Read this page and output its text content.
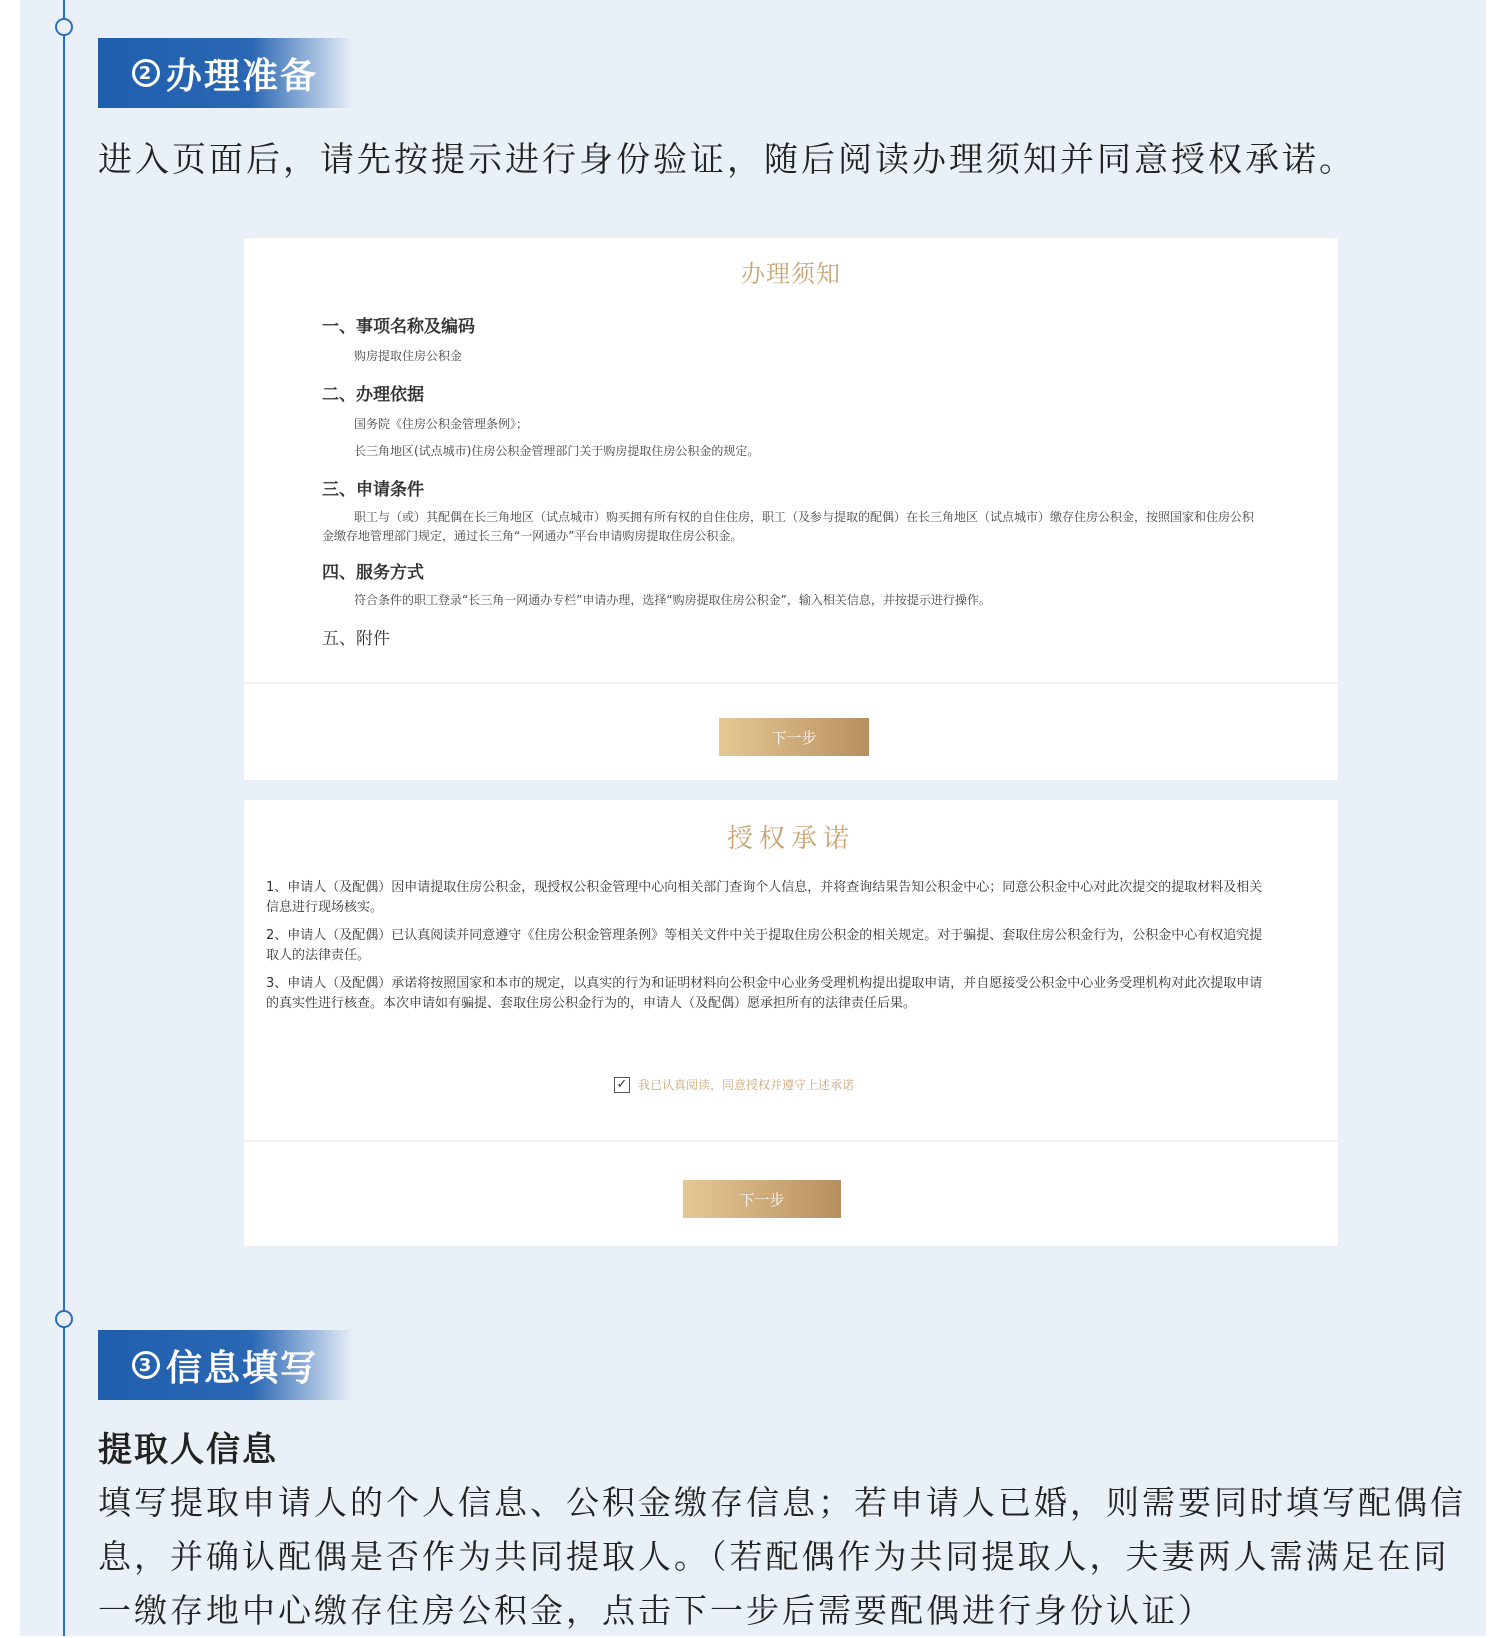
2 办理准备
进入页面后，请先按提示进行身份验证，随后阅读办理须知并同意授权承诺。
办理须知

一、事项名称及编码

购房提取住房公积金

二、办理依据

国务院《住房公积金管理条例》；

长三角地区(试点城市)住房公积金管理部门关于购房提取住房公积金的规定。

三、申请条件

职工与（或）其配偶在长三角地区（试点城市）购买拥有所有权的自住住房，职工（及参与提取的配偶）在长三角地区（试点城市）缴存住房公积金，按照国家和住房公积金缴存地管理部门规定，通过长三角“一网通办”平台申请购房提取住房公积金。

四、服务方式

符合条件的职工登录“长三角一网通办专栏”申请办理，选择“购房提取住房公积金”，输入相关信息，并按提示进行操作。

五、附件

下一步
授权承诺

1、申请人（及配偶）因申请提取住房公积金，现授权公积金管理中心向相关部门查询个人信息，并将查询结果告知公积金中心；同意公积金中心对此次提交的提取材料及相关信息进行现场核实。

2、申请人（及配偶）已认真阅读并同意遵守《住房公积金管理条例》等相关文件中关于提取住房公积金的相关规定。对于骗提、套取住房公积金行为，公积金中心有权追究提取人的法律责任。

3、申请人（及配偶）承诺将按照国家和本市的规定，以真实的行为和证明材料向公积金中心业务受理机构提出提取申请，并自愿接受公积金中心业务受理机构对此次提取申请的真实性进行核查。本次申请如有骗提、套取住房公积金行为的，申请人（及配偶）愿承担所有的法律责任后果。

✓ 我已认真阅读，同意授权并遵守上述承诺
下一步
3 信息填写
提取人信息
填写提取申请人的个人信息、公积金缴存信息；若申请人已婚，则需要同时填写配偶信息，并确认配偶是否作为共同提取人。（若配偶作为共同提取人，夫妻两人需满足在同一缴存地中心缴存住房公积金，点击下一步后需要配偶进行身份认证）
